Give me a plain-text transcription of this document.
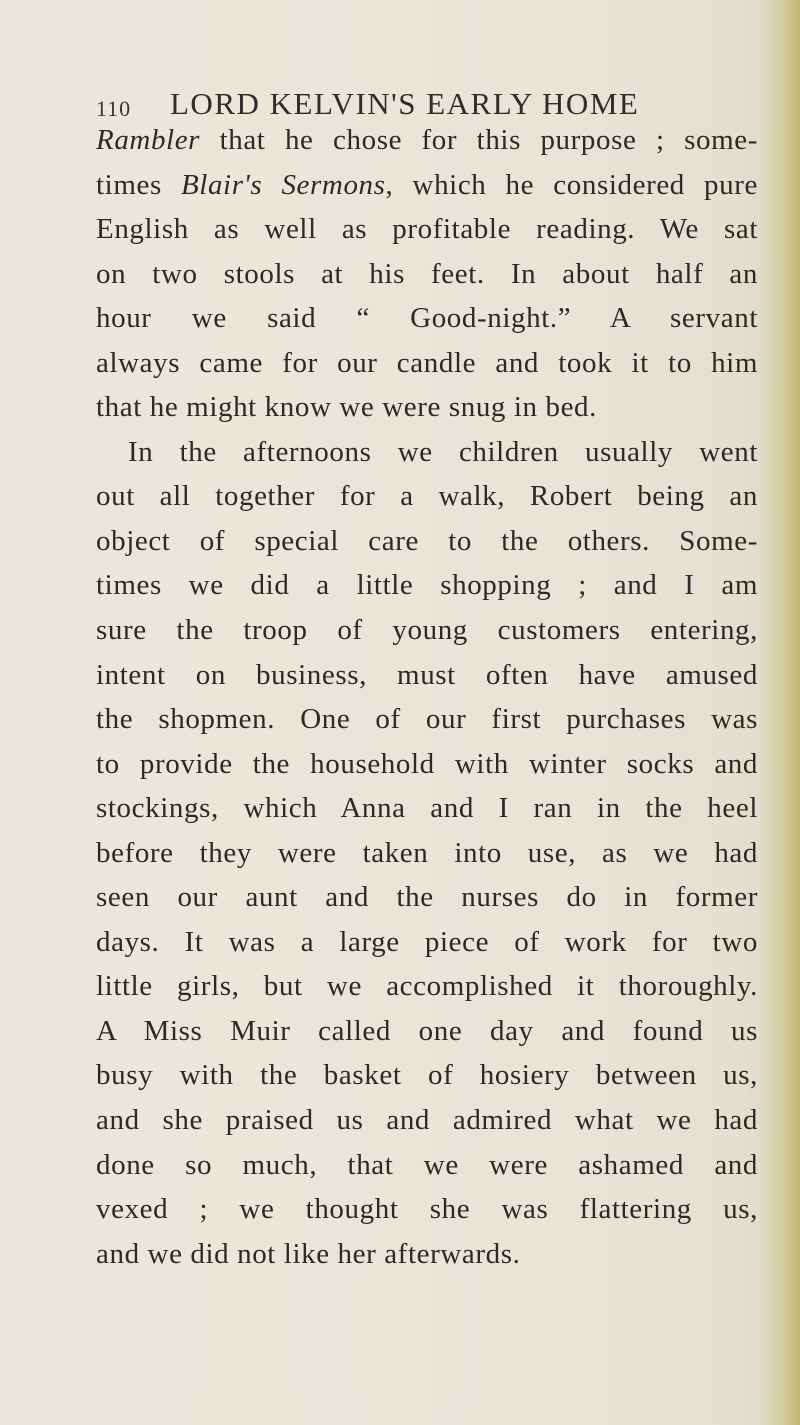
110 LORD KELVIN'S EARLY HOME
Rambler that he chose for this purpose ; some-
times Blair's Sermons, which he considered pure
English as well as profitable reading. We sat
on two stools at his feet. In about half an
hour we said “ Good-night.” A servant
always came for our candle and took it to him
that he might know we were snug in bed.
In the afternoons we children usually went
out all together for a walk, Robert being an
object of special care to the others. Some-
times we did a little shopping ; and I am
sure the troop of young customers entering,
intent on business, must often have amused
the shopmen. One of our first purchases was
to provide the household with winter socks and
stockings, which Anna and I ran in the heel
before they were taken into use, as we had
seen our aunt and the nurses do in former
days. It was a large piece of work for two
little girls, but we accomplished it thoroughly.
A Miss Muir called one day and found us
busy with the basket of hosiery between us,
and she praised us and admired what we had
done so much, that we were ashamed and
vexed ; we thought she was flattering us,
and we did not like her afterwards.
